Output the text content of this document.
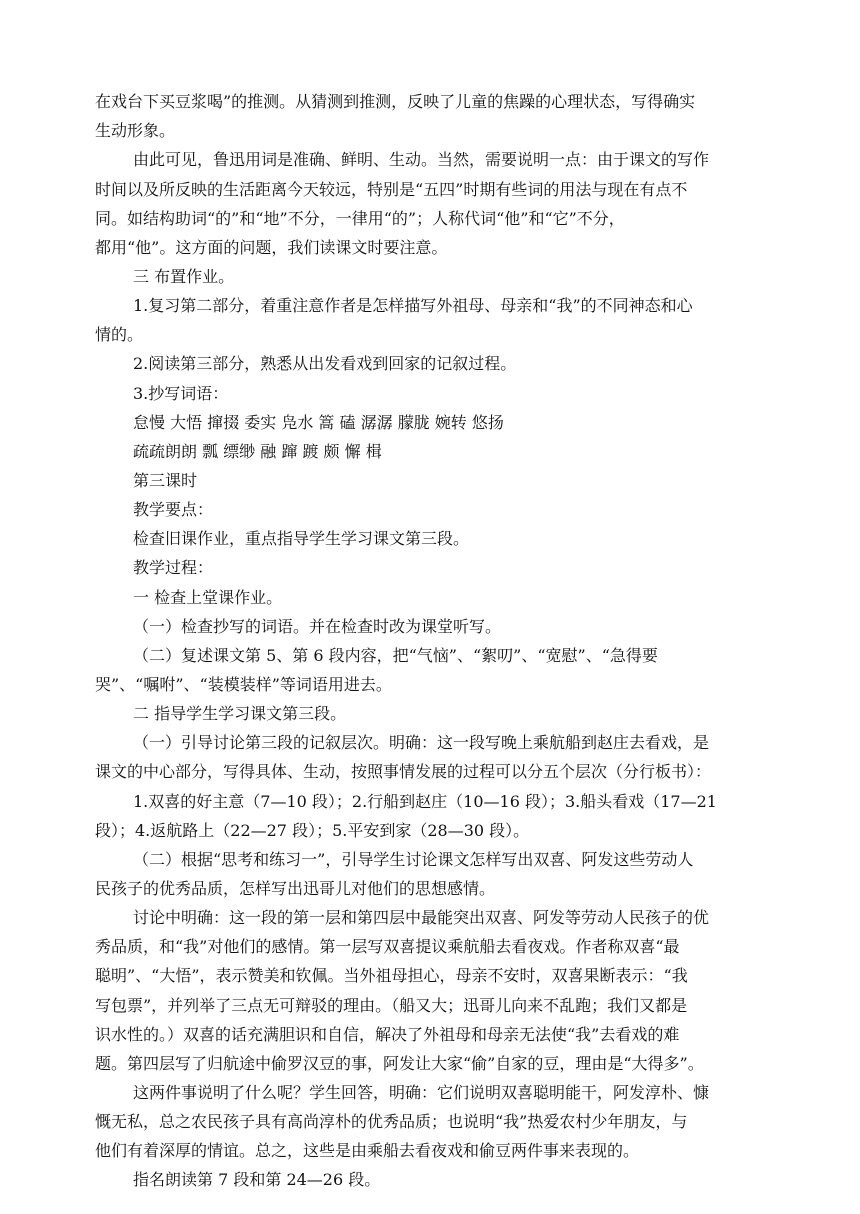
在戏台下买豆浆喝”的推测。从猜测到推测，反映了儿童的焦躁的心理状态，写得确实
生动形象。
由此可见，鲁迅用词是准确、鲜明、生动。当然，需要说明一点：由于课文的写作
时间以及所反映的生活距离今天较远，特别是“五四”时期有些词的用法与现在有点不
同。如结构助词“的”和“地”不分，一律用“的”；人称代词“他”和“它”不分，
都用“他”。这方面的问题，我们读课文时要注意。
三 布置作业。
1.复习第二部分，着重注意作者是怎样描写外祖母、母亲和“我”的不同神态和心
情的。
2.阅读第三部分，熟悉从出发看戏到回家的记叙过程。
3.抄写词语：
怠慢 大悟 撺掇 委实 凫水 篙 磕 潺潺 朦胧 婉转 悠扬
疏疏朗朗 瓢 缥缈 融 蹿 踱 颇 懈 楫
第三课时
教学要点：
检查旧课作业，重点指导学生学习课文第三段。
教学过程：
一 检查上堂课作业。
（一）检查抄写的词语。并在检查时改为课堂听写。
（二）复述课文第 5、第 6 段内容，把“气恼”、“絮叨”、“宽慰”、“急得要
哭”、“嘱咐”、“装模装样”等词语用进去。
二 指导学生学习课文第三段。
（一）引导讨论第三段的记叙层次。明确：这一段写晚上乘航船到赵庄去看戏，是
课文的中心部分，写得具体、生动，按照事情发展的过程可以分五个层次（分行板书）：
1.双喜的好主意（7—10 段）；2.行船到赵庄（10—16 段）；3.船头看戏（17—21
段）；4.返航路上（22—27 段）；5.平安到家（28—30 段）。
（二）根据“思考和练习一”，引导学生讨论课文怎样写出双喜、阿发这些劳动人
民孩子的优秀品质，怎样写出迅哥儿对他们的思想感情。
讨论中明确：这一段的第一层和第四层中最能突出双喜、阿发等劳动人民孩子的优
秀品质，和“我”对他们的感情。第一层写双喜提议乘航船去看夜戏。作者称双喜“最
聪明”、“大悟”，表示赞美和钦佩。当外祖母担心，母亲不安时，双喜果断表示：“我
写包票”，并列举了三点无可辩驳的理由。（船又大；迅哥儿向来不乱跑；我们又都是
识水性的。）双喜的话充满胆识和自信，解决了外祖母和母亲无法使“我”去看戏的难
题。第四层写了归航途中偷罗汉豆的事，阿发让大家“偷”自家的豆，理由是“大得多”。
这两件事说明了什么呢？学生回答，明确：它们说明双喜聪明能干，阿发淳朴、慷
慨无私，总之农民孩子具有高尚淳朴的优秀品质；也说明“我”热爱农村少年朋友，与
他们有着深厚的情谊。总之，这些是由乘船去看夜戏和偷豆两件事来表现的。
指名朗读第 7 段和第 24—26 段。
